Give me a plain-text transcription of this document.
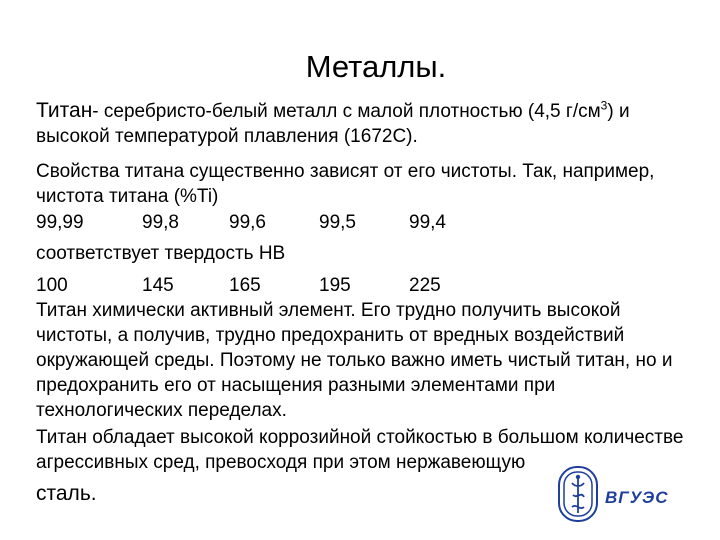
Металлы.

Титан- серебристо-белый металл с малой плотностью (4,5 $г/см^3$) и
высокой температурой плавления (1672С).

Свойства титана существенно зависят от его чистоты. Так, например, чистота титана (%Ti)

99,99	99,8	99,6	99,5	99,4

соответствует твердость НВ

100	145	165	195	225

Титан химически активный элемент. Его трудно получить высокой чистоты, а получив, трудно предохранить от вредных воздействий окружающей среды. Поэтому не только важно иметь чистый титан, но и предохранить его от насыщения разными элементами при технологических переделах.

Титан обладает высокой коррозийной стойкостью в большом количестве агрессивных сред, превосходя при этом нержавеющую

сталь.	ВГУЭС
